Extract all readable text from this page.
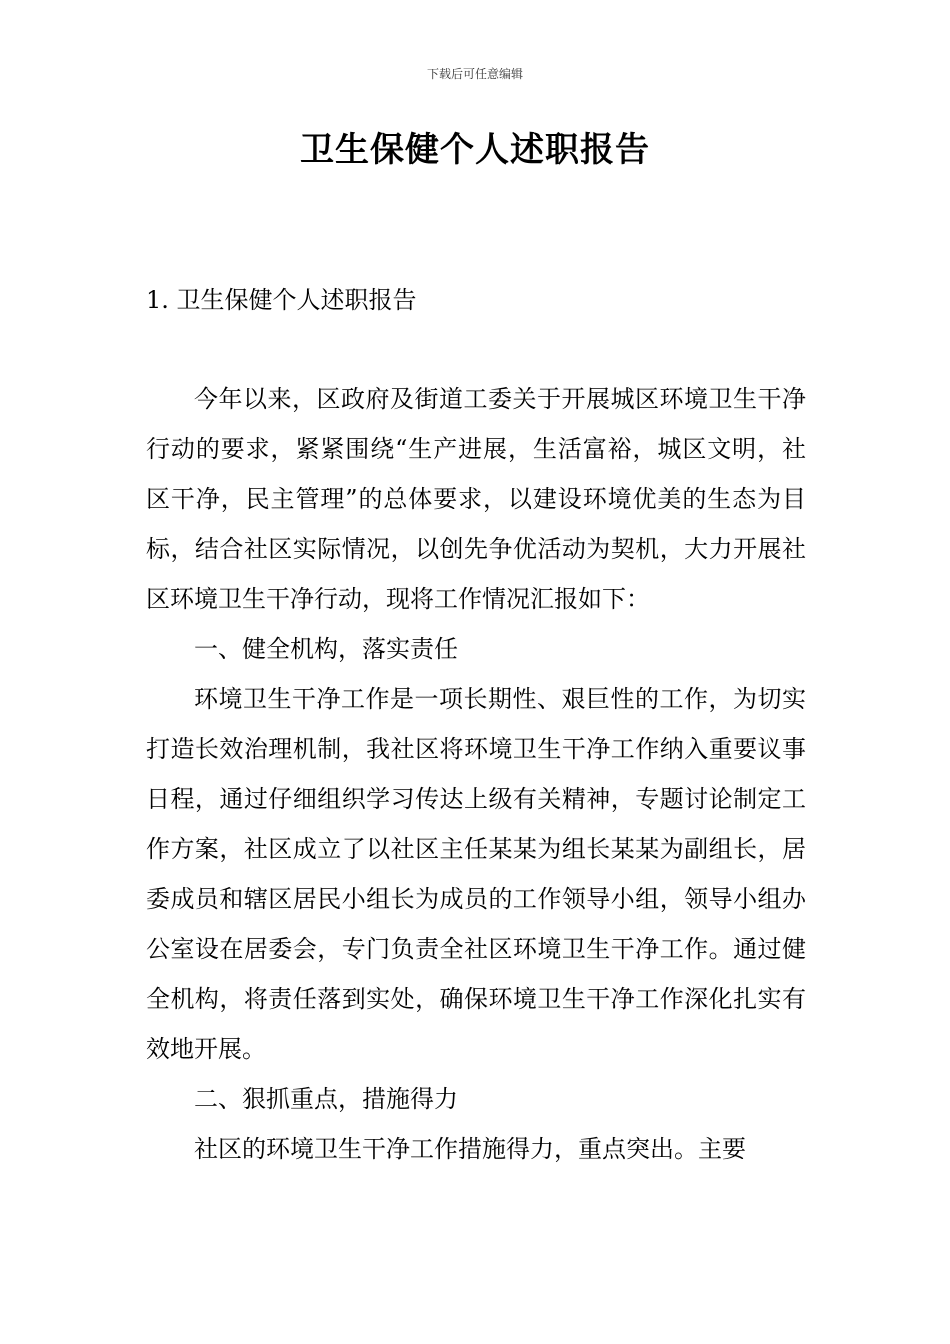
下载后可任意编辑
卫生保健个人述职报告
1. 卫生保健个人述职报告

今年以来，区政府及街道工委关于开展城区环境卫生干净行动的要求，紧紧围绕“生产进展，生活富裕，城区文明，社区干净，民主管理”的总体要求，以建设环境优美的生态为目标，结合社区实际情况，以创先争优活动为契机，大力开展社区环境卫生干净行动，现将工作情况汇报如下：

一、健全机构，落实责任

环境卫生干净工作是一项长期性、艰巨性的工作，为切实打造长效治理机制，我社区将环境卫生干净工作纳入重要议事日程，通过仔细组织学习传达上级有关精神，专题讨论制定工作方案，社区成立了以社区主任某某为组长某某为副组长，居委成员和辖区居民小组长为成员的工作领导小组，领导小组办公室设在居委会，专门负责全社区环境卫生干净工作。通过健全机构，将责任落到实处，确保环境卫生干净工作深化扎实有效地开展。

二、狠抓重点，措施得力

社区的环境卫生干净工作措施得力，重点突出。主要
